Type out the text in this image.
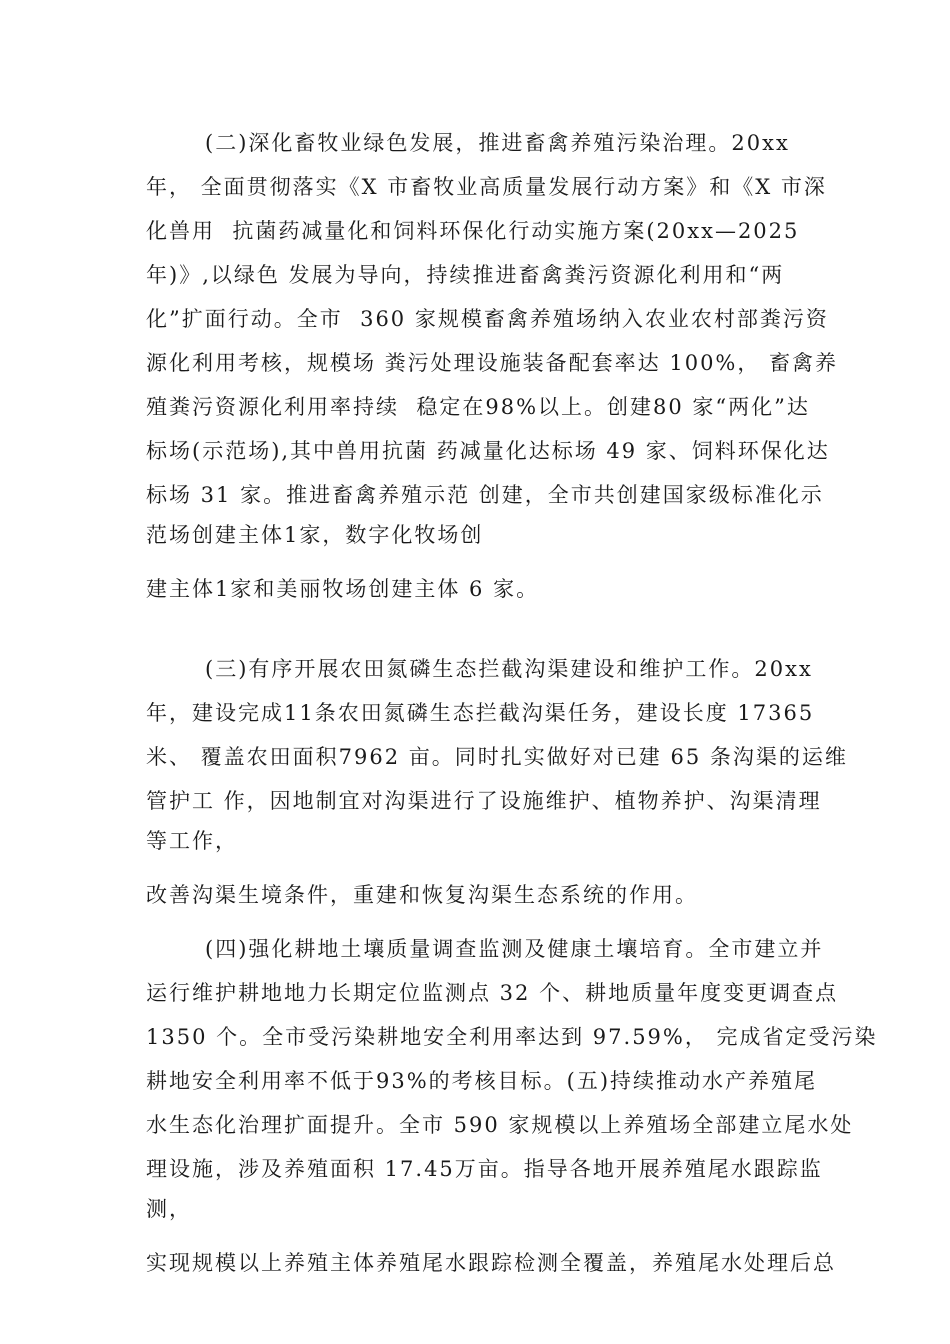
(二)深化畜牧业绿色发展，推进畜禽养殖污染治理。20xx
年， 全面贯彻落实《X 市畜牧业高质量发展行动方案》和《X 市深
化兽用  抗菌药减量化和饲料环保化行动实施方案(20xx—2025
年)》,以绿色 发展为导向，持续推进畜禽粪污资源化利用和“两
化”扩面行动。全市  360 家规模畜禽养殖场纳入农业农村部粪污资
源化利用考核，规模场 粪污处理设施装备配套率达 100%， 畜禽养
殖粪污资源化利用率持续  稳定在98%以上。创建80 家“两化”达
标场(示范场),其中兽用抗菌 药减量化达标场 49 家、饲料环保化达
标场 31 家。推进畜禽养殖示范 创建，全市共创建国家级标准化示
范场创建主体1家，数字化牧场创
建主体1家和美丽牧场创建主体 6 家。
(三)有序开展农田氮磷生态拦截沟渠建设和维护工作。20xx
年，建设完成11条农田氮磷生态拦截沟渠任务，建设长度 17365
米、 覆盖农田面积7962 亩。同时扎实做好对已建 65 条沟渠的运维
管护工 作，因地制宜对沟渠进行了设施维护、植物养护、沟渠清理
等工作，
改善沟渠生境条件，重建和恢复沟渠生态系统的作用。
(四)强化耕地土壤质量调查监测及健康土壤培育。全市建立并
运行维护耕地地力长期定位监测点 32 个、耕地质量年度变更调查点
1350 个。全市受污染耕地安全利用率达到 97.59%， 完成省定受污染
耕地安全利用率不低于93%的考核目标。(五)持续推动水产养殖尾
水生态化治理扩面提升。全市 590 家规模以上养殖场全部建立尾水处
理设施，涉及养殖面积 17.45万亩。指导各地开展养殖尾水跟踪监
测，
实现规模以上养殖主体养殖尾水跟踪检测全覆盖，养殖尾水处理后总
